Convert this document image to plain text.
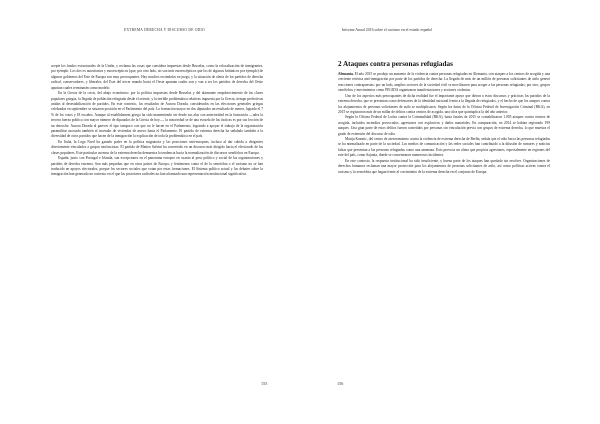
EXTREMA DERECHA Y DISCURSO DE ODIO

acepte los fondos estructurales de la Unión, y reclama las cosas que considera impuestas desde Bruselas, como la relocalización de inmigrantes, por ejemplo. Los dos ex autoritarios y euroescépticos (que, por otro lado, no son más euroescépticos que los de algunos británicos por ejemplo) de algunos gobiernos del Este de Europa son muy preocupantes. Hay muchos escándalos en juego, y la situación de alerta de los partidos de derecha radical, conservadores, y liberales, del Este del tercer mundo hacia el Oeste apuntan cuales son y van a ser los partidos de derecha del Oeste apuntan cuales terminarán como modelo.

En la Grecia de la crisis, del abajo económico: por la política impuestas desde Bruselas y del alarmante empobrecimiento de las clases populares griegas, la llegada de población refugiada desde el oriente, y la terrible problemática relativas impuesta por la Grecia, tiempo perfectivas unidas al desestabilización de partidos. En este contexto, los resultados de Aurora Dorada, considerados en las elecciones generales griegas celebradas en septiembre se situaron posición en el Parlamento del país. La formación mayor en dos diputados un resultado de menor, logrado el 7 % de los votos y 18 escaños. Aunque al establishment griego ha sido manteniendo ser desde sus alas con anterioridad en la formación —tales la tercera fuerza política con mayor número de diputados de la Grecia de hoy—, la notoriedad se de una escuela de las tácticas es por sus lección de un derroche. Aurora Dorada al parecer el tipo tampoco con que no le hacen en el Parlamento, logrando a apoyar el trabajo de la organización paramilitar asociada también al incendio de viviendas de nuevo hasta el Parlamento. El partido de extrema derecha ha señalado también a la diversidad de otros partidos que hacen de la inmigración la explicación de toda la problemática en el país.

En Italia, la Lega Nord ha ganado poder en la política migratoria y las posiciones anti-europeas, incluso al dar cabida a dirigentes directamente vinculados a grupos neofascistas. El partido de Matteo Salvini ha convertido en un discurso más dirigido hacia el electorado de las clases populares. Este particular ascenso de la extrema derecha demuestra la tendencia hacia la normalización de discursos xenófobos en Europa.

España, junto con Portugal e Irlanda, son excepciones en el panorama europeo en cuanto al peso político y social de las organizaciones y partidos de derecha extrema. Son más pequeñas que en otros países de Europa, y fenómenos como el de la xenofobia o el racismo no se han traducido en apoyos electorales, porque los sectores sociales que votan por estas formaciones. El Sistema político actual y los debates sobre la inmigración han generado un contexto en el que las posiciones radicales no han alcanzado una representación institucional significativa.

155
Informe Anual 2016 sobre el racismo en el estado español
2 Ataques contra personas refugiadas

Alemania. El año 2015 se produjo un aumento de la violencia contra personas refugiadas en Alemania, con ataques a los centros de acogida y una creciente retórica anti-inmigración por parte de los partidos de derecha. La llegada de más de un millón de personas solicitantes de asilo generó reacciones contrapuestas: por un lado, amplios sectores de la sociedad civil se movilizaron para acoger a las personas refugiadas; por otro, grupos xenófobos y movimientos como PEGIDA organizaron manifestaciones y acciones violentas.

Uno de los aspectos más preocupantes de dicha realidad fue el importante apoyo que dieron a estos discursos y prácticas los partidos de la extrema derecha, que se presentan como defensores de la identidad nacional frente a la llegada de refugiados, y el hecho de que los ataques contra los alojamientos de personas solicitantes de asilo se multiplicasen. Según los datos de la Oficina Federal de Investigación Criminal (BKA), en 2015 se registraron más de un millar de delitos contra centros de acogida, una cifra que quintuplica la del año anterior.

Según la Oficina Federal de Lucha contra la Criminalidad (BKA), hasta finales de 2015 se contabilizaron 1.005 ataques contra centros de acogida, incluidos incendios provocados, agresiones con explosivos y daños materiales. En comparación, en 2014 se habían registrado 199 ataques. Una gran parte de estos delitos fueron cometidos por personas sin vinculación previa con grupos de extrema derecha, lo que muestra el grado de extensión del discurso de odio.

Marija Kuzmic, del centro de asesoramiento contra la violencia de extrema derecha de Berlín, señala que el odio hacia las personas refugiadas se ha normalizado en parte de la sociedad. Los medios de comunicación y las redes sociales han contribuido a la difusión de rumores y noticias falsas que presentan a las personas refugiadas como una amenaza. Esto provoca un clima que propicia agresiones, especialmente en regiones del este del país, como Sajonia, donde se concentraron numerosos incidentes.

En este contexto, la respuesta institucional ha sido insuficiente, y buena parte de los ataques han quedado sin resolver. Organizaciones de derechos humanos reclaman una mayor protección para los alojamientos de personas solicitantes de asilo, así como políticas activas contra el racismo y la xenofobia que hagan frente al crecimiento de la extrema derecha en el conjunto de Europa.

156
